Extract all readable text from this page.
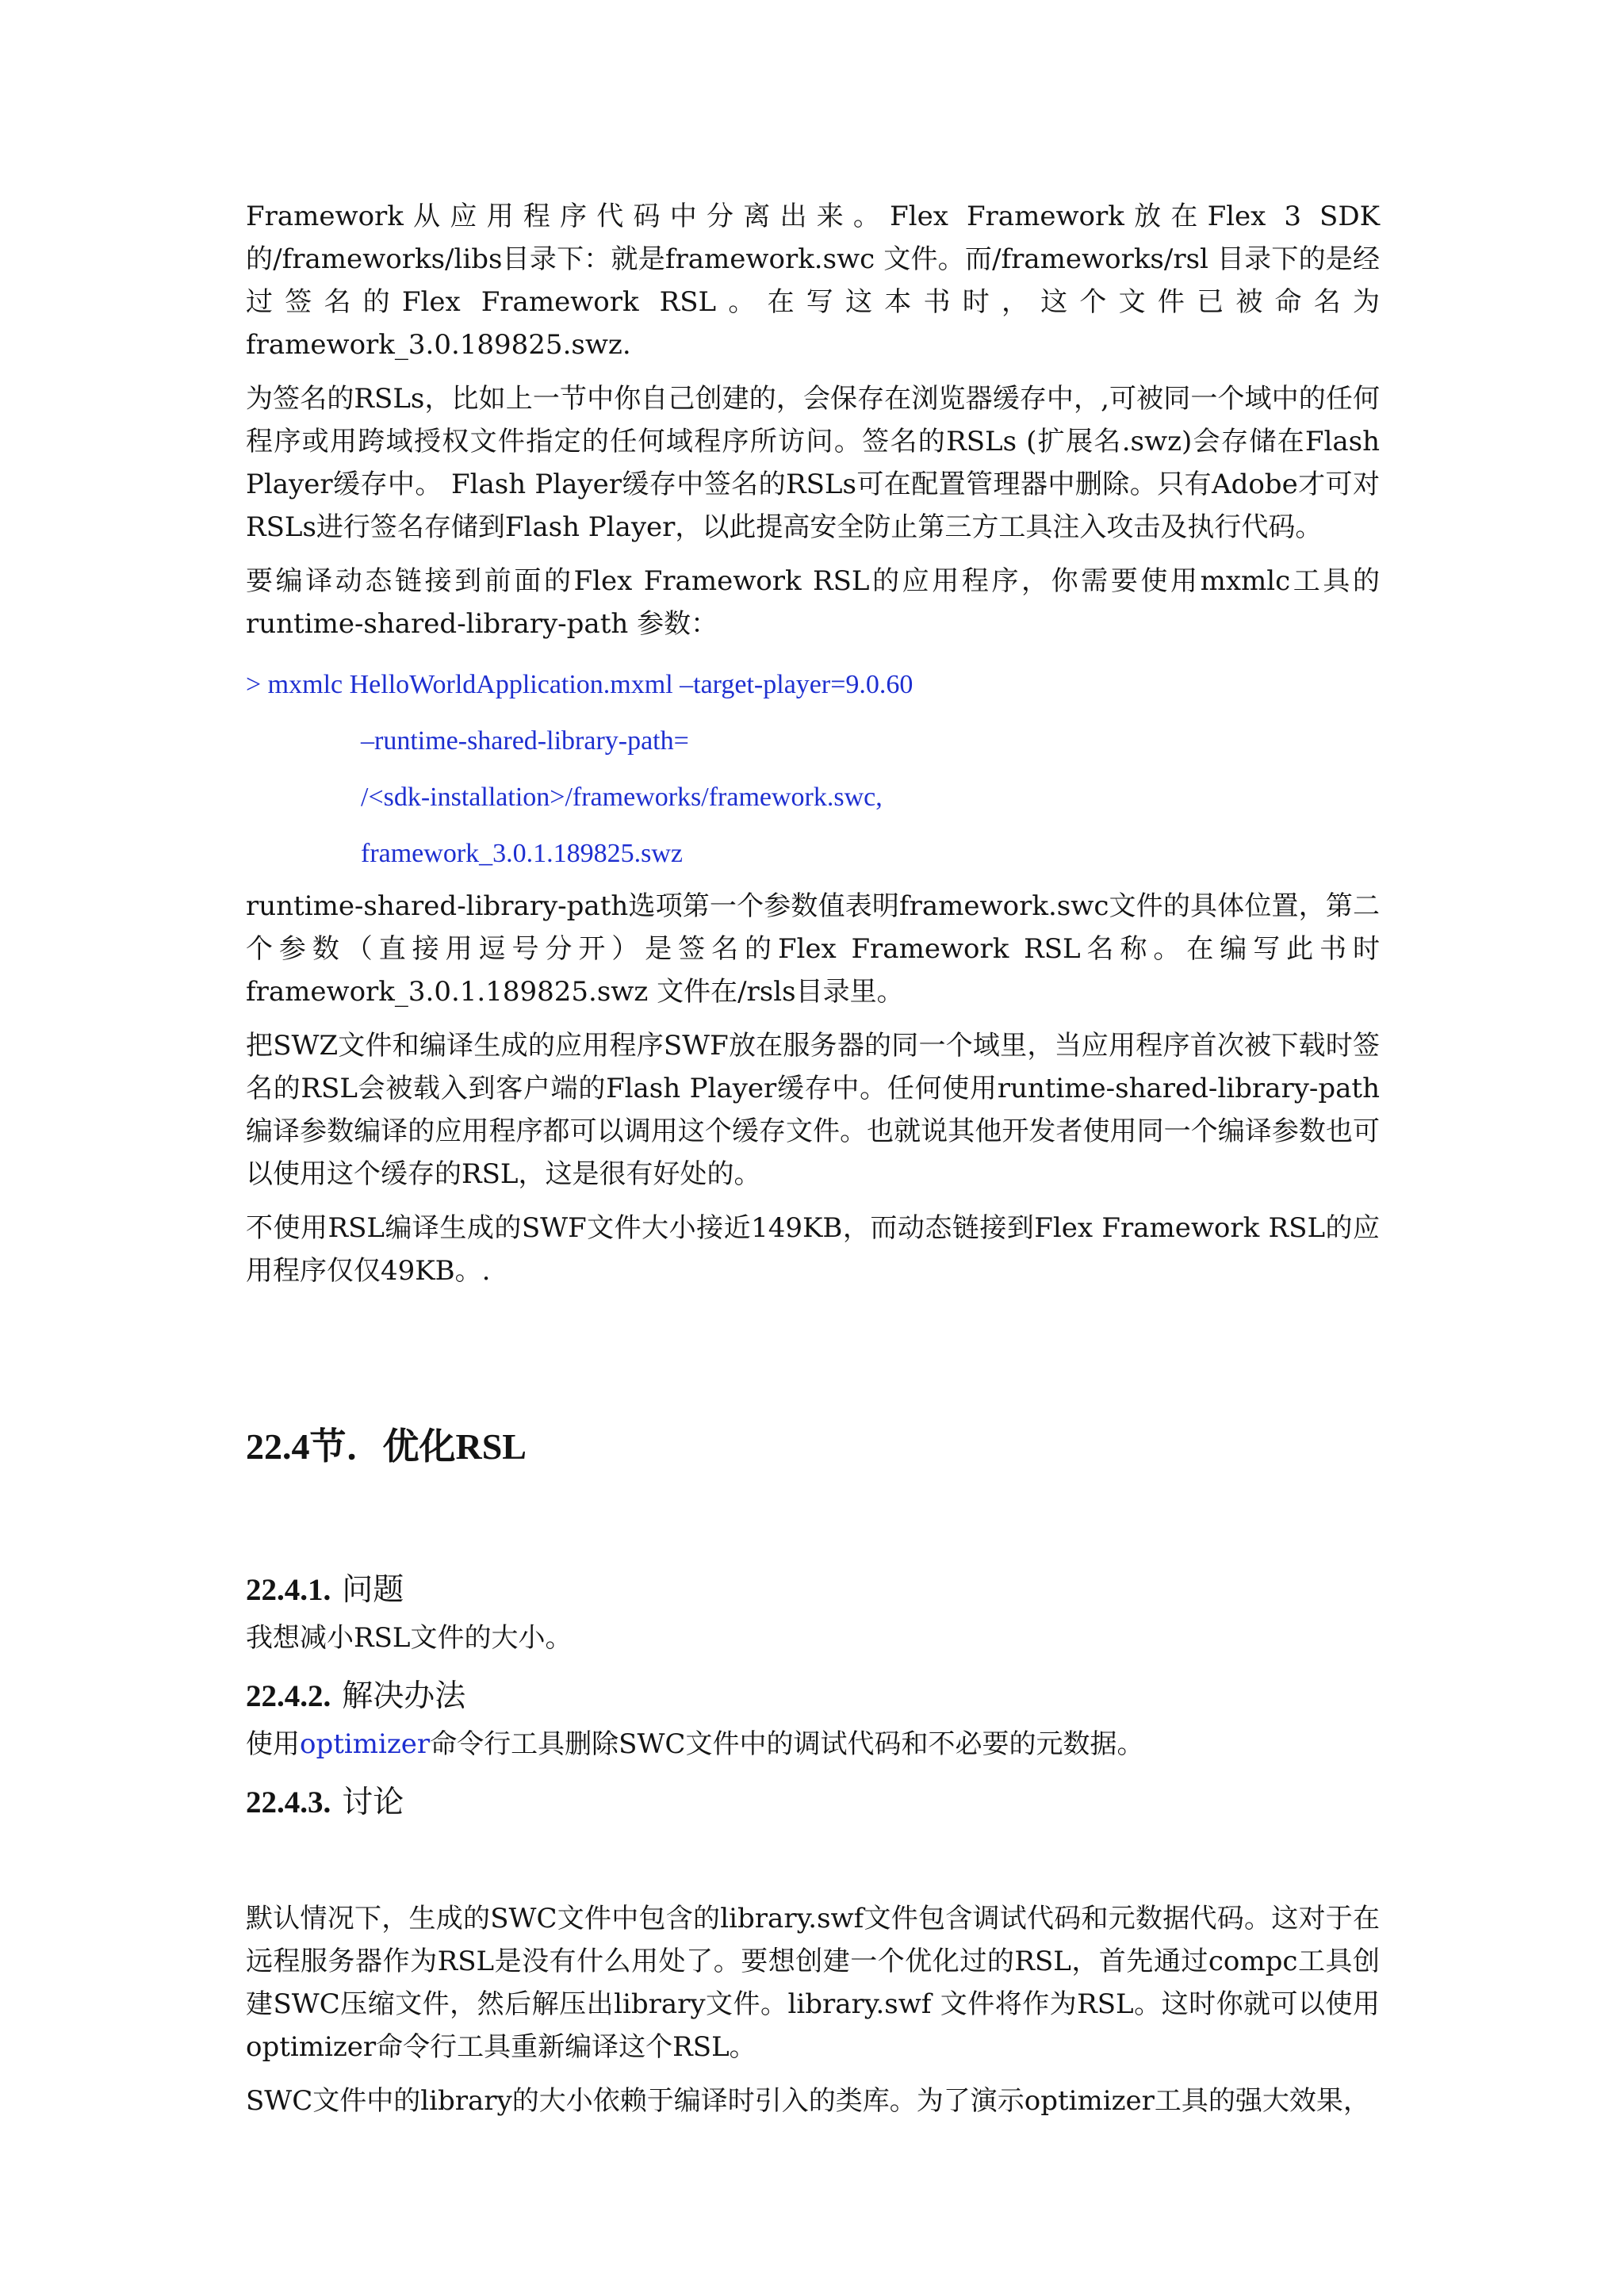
Framework从应用程序代码中分离出来。Flex Framework放在Flex 3 SDK的/frameworks/libs目录下：就是framework.swc 文件。而/frameworks/rsl 目录下的是经过签名的Flex Framework RSL。在写这本书时，这个文件已被命名为framework_3.0.189825.swz.

为签名的RSLs，比如上一节中你自己创建的，会保存在浏览器缓存中，,可被同一个域中的任何程序或用跨域授权文件指定的任何域程序所访问。签名的RSLs (扩展名.swz)会存储在Flash Player缓存中。 Flash Player缓存中签名的RSLs可在配置管理器中删除。只有Adobe才可对RSLs进行签名存储到Flash Player，以此提高安全防止第三方工具注入攻击及执行代码。

要编译动态链接到前面的Flex Framework RSL的应用程序，你需要使用mxmlc工具的runtime-shared-library-path 参数：

> mxmlc HelloWorldApplication.mxml –target-player=9.0.60

–runtime-shared-library-path=

/<sdk-installation>/frameworks/framework.swc,

framework_3.0.1.189825.swz

runtime-shared-library-path选项第一个参数值表明framework.swc文件的具体位置，第二个参数（直接用逗号分开）是签名的Flex Framework RSL名称。在编写此书时framework_3.0.1.189825.swz 文件在/rsls目录里。

把SWZ文件和编译生成的应用程序SWF放在服务器的同一个域里，当应用程序首次被下载时签名的RSL会被载入到客户端的Flash Player缓存中。任何使用runtime-shared-library-path编译参数编译的应用程序都可以调用这个缓存文件。也就说其他开发者使用同一个编译参数也可以使用这个缓存的RSL，这是很有好处的。

不使用RSL编译生成的SWF文件大小接近149KB，而动态链接到Flex Framework RSL的应用程序仅仅49KB。.

22.4节．优化RSL
22.4.1. 问题

我想减小RSL文件的大小。

22.4.2. 解决办法

使用optimizer命令行工具删除SWC文件中的调试代码和不必要的元数据。

22.4.3. 讨论

默认情况下，生成的SWC文件中包含的library.swf文件包含调试代码和元数据代码。这对于在远程服务器作为RSL是没有什么用处了。要想创建一个优化过的RSL，首先通过compc工具创建SWC压缩文件，然后解压出library文件。library.swf 文件将作为RSL。这时你就可以使用optimizer命令行工具重新编译这个RSL。

SWC文件中的library的大小依赖于编译时引入的类库。为了演示optimizer工具的强大效果，
